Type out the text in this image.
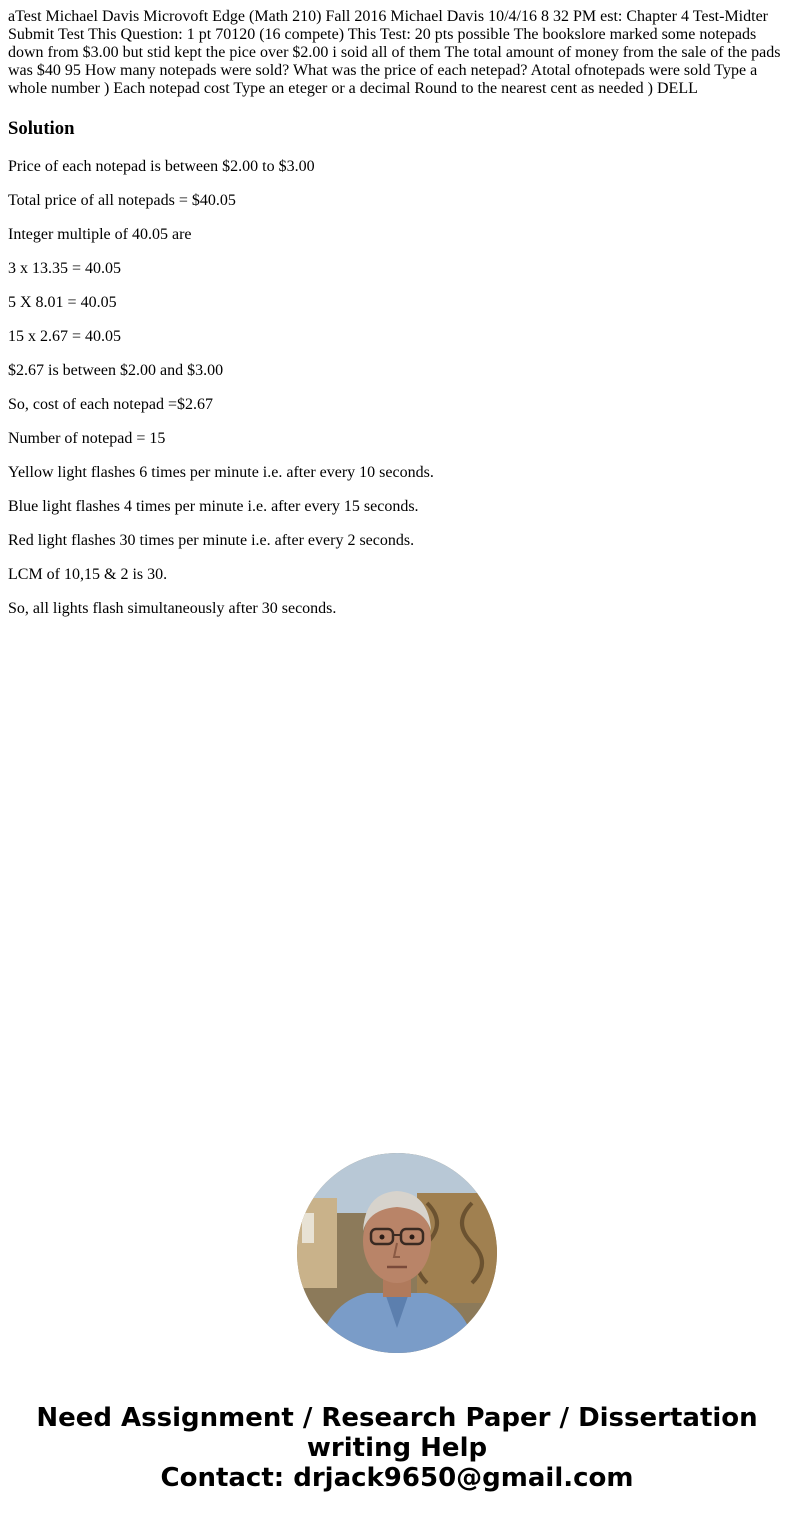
aTest Michael Davis Microvoft Edge (Math 210) Fall 2016 Michael Davis 10/4/16 8 32 PM est: Chapter 4 Test-Midter Submit Test This Question: 1 pt 70120 (16 compete) This Test: 20 pts possible The bookslore marked some notepads down from $3.00 but stid kept the pice over $2.00 i soid all of them The total amount of money from the sale of the pads was $40 95 How many notepads were sold? What was the price of each netepad? Atotal ofnotepads were sold Type a whole number ) Each notepad cost Type an eteger or a decimal Round to the nearest cent as needed ) DELL

Solution

Price of each notepad is between $2.00 to $3.00

Total price of all notepads = $40.05

Integer multiple of 40.05 are

3 x 13.35 = 40.05

5 X 8.01 = 40.05

15 x 2.67 = 40.05

$2.67 is between $2.00 and $3.00

So, cost of each notepad =$2.67

Number of notepad = 15

Yellow light flashes 6 times per minute i.e. after every 10 seconds.

Blue light flashes 4 times per minute i.e. after every 15 seconds.

Red light flashes 30 times per minute i.e. after every 2 seconds.

LCM of 10,15 & 2 is 30.

So, all lights flash simultaneously after 30 seconds.

Need Assignment / Research Paper / Dissertation
writing Help
Contact: drjack9650@gmail.com
